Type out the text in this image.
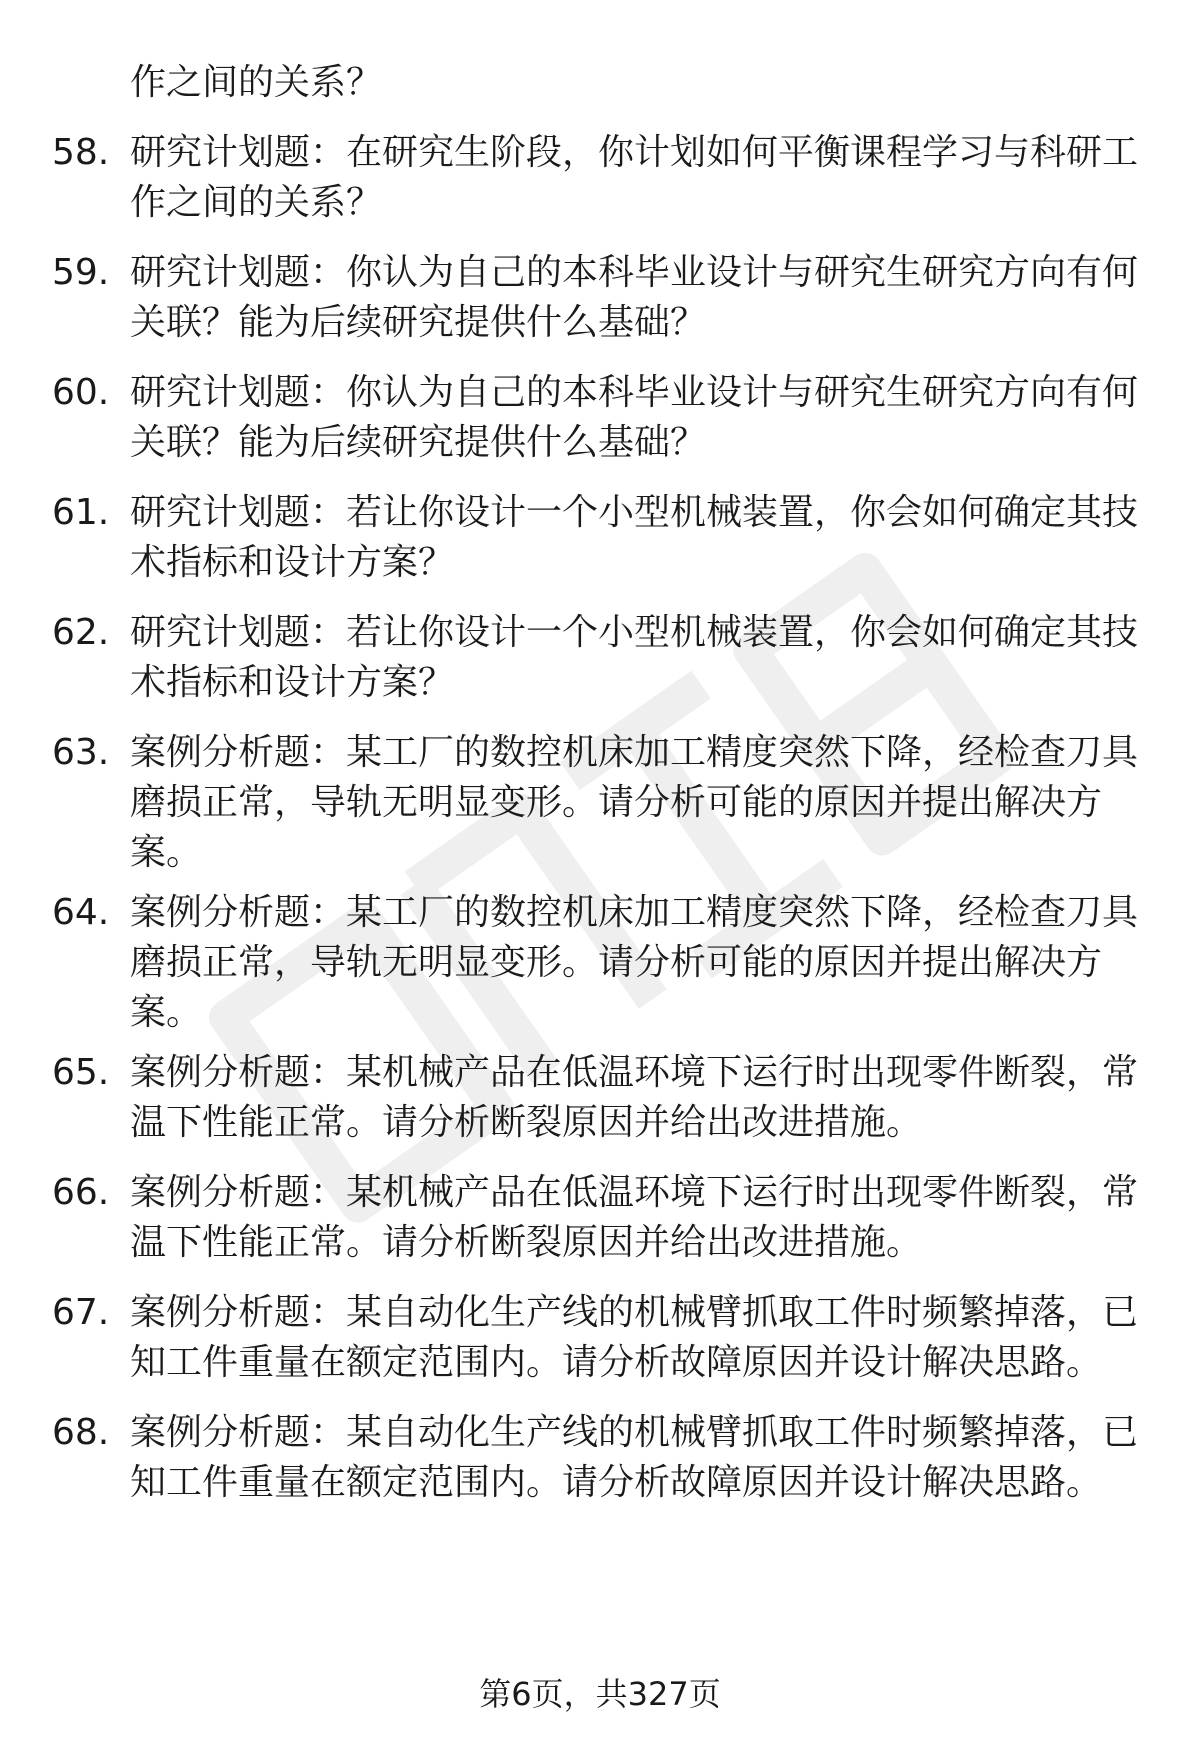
作之间的关系？
58. 研究计划题：在研究生阶段，你计划如何平衡课程学习与科研工
作之间的关系？
59. 研究计划题：你认为自己的本科毕业设计与研究生研究方向有何
关联？能为后续研究提供什么基础？
60. 研究计划题：你认为自己的本科毕业设计与研究生研究方向有何
关联？能为后续研究提供什么基础？
61. 研究计划题：若让你设计一个小型机械装置，你会如何确定其技
术指标和设计方案？
62. 研究计划题：若让你设计一个小型机械装置，你会如何确定其技
术指标和设计方案？
63. 案例分析题：某工厂的数控机床加工精度突然下降，经检查刀具
磨损正常，导轨无明显变形。请分析可能的原因并提出解决方
案。
64. 案例分析题：某工厂的数控机床加工精度突然下降，经检查刀具
磨损正常，导轨无明显变形。请分析可能的原因并提出解决方
案。
65. 案例分析题：某机械产品在低温环境下运行时出现零件断裂，常
温下性能正常。请分析断裂原因并给出改进措施。
66. 案例分析题：某机械产品在低温环境下运行时出现零件断裂，常
温下性能正常。请分析断裂原因并给出改进措施。
67. 案例分析题：某自动化生产线的机械臂抓取工件时频繁掉落，已
知工件重量在额定范围内。请分析故障原因并设计解决思路。
68. 案例分析题：某自动化生产线的机械臂抓取工件时频繁掉落，已
知工件重量在额定范围内。请分析故障原因并设计解决思路。
第6页，共327页
